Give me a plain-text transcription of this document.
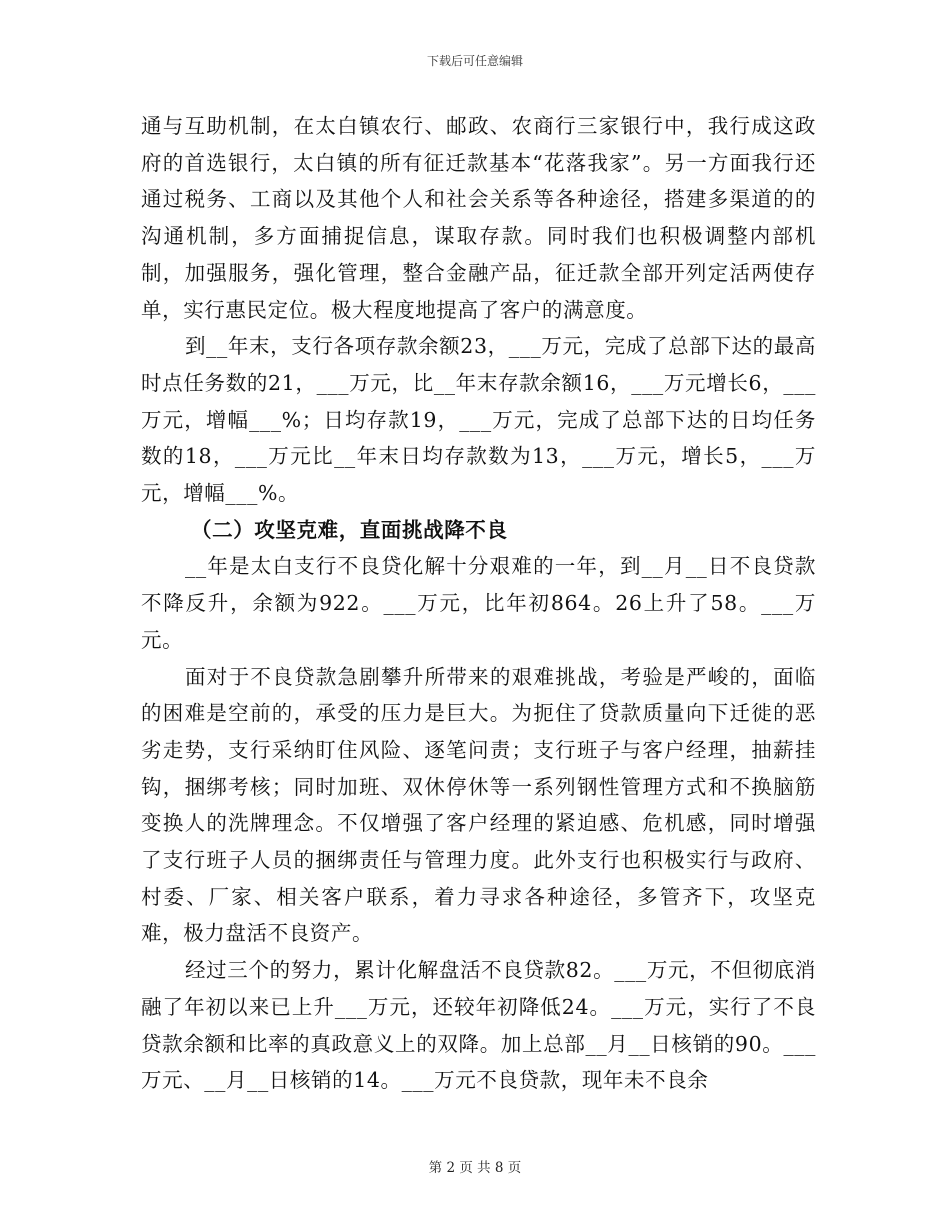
下载后可任意编辑

通与互助机制，在太白镇农行、邮政、农商行三家银行中，我行成这政府的首选银行，太白镇的所有征迁款基本“花落我家”。另一方面我行还通过税务、工商以及其他个人和社会关系等各种途径，搭建多渠道的的沟通机制，多方面捕捉信息，谋取存款。同时我们也积极调整内部机制，加强服务，强化管理，整合金融产品，征迁款全部开列定活两使存单，实行惠民定位。极大程度地提高了客户的满意度。

到__年末，支行各项存款余额23，___万元，完成了总部下达的最高时点任务数的21，___万元，比__年末存款余额16，___万元增长6，___万元，增幅___%；日均存款19，___万元，完成了总部下达的日均任务数的18，___万元比__年末日均存款数为13，___万元，增长5，___万元，增幅___%。

（二）攻坚克难，直面挑战降不良

__年是太白支行不良贷化解十分艰难的一年，到__月__日不良贷款不降反升，余额为922。___万元，比年初864。26上升了58。___万元。

面对于不良贷款急剧攀升所带来的艰难挑战，考验是严峻的，面临的困难是空前的，承受的压力是巨大。为扼住了贷款质量向下迁徙的恶劣走势，支行采纳盯住风险、逐笔问责；支行班子与客户经理，抽薪挂钩，捆绑考核；同时加班、双休停休等一系列钢性管理方式和不换脑筋变换人的洗牌理念。不仅增强了客户经理的紧迫感、危机感，同时增强了支行班子人员的捆绑责任与管理力度。此外支行也积极实行与政府、村委、厂家、相关客户联系，着力寻求各种途径，多管齐下，攻坚克难，极力盘活不良资产。

经过三个的努力，累计化解盘活不良贷款82。___万元，不但彻底消融了年初以来已上升___万元，还较年初降低24。___万元，实行了不良贷款余额和比率的真政意义上的双降。加上总部__月__日核销的90。___万元、__月__日核销的14。___万元不良贷款，现年未不良余

第 2 页 共 8 页
